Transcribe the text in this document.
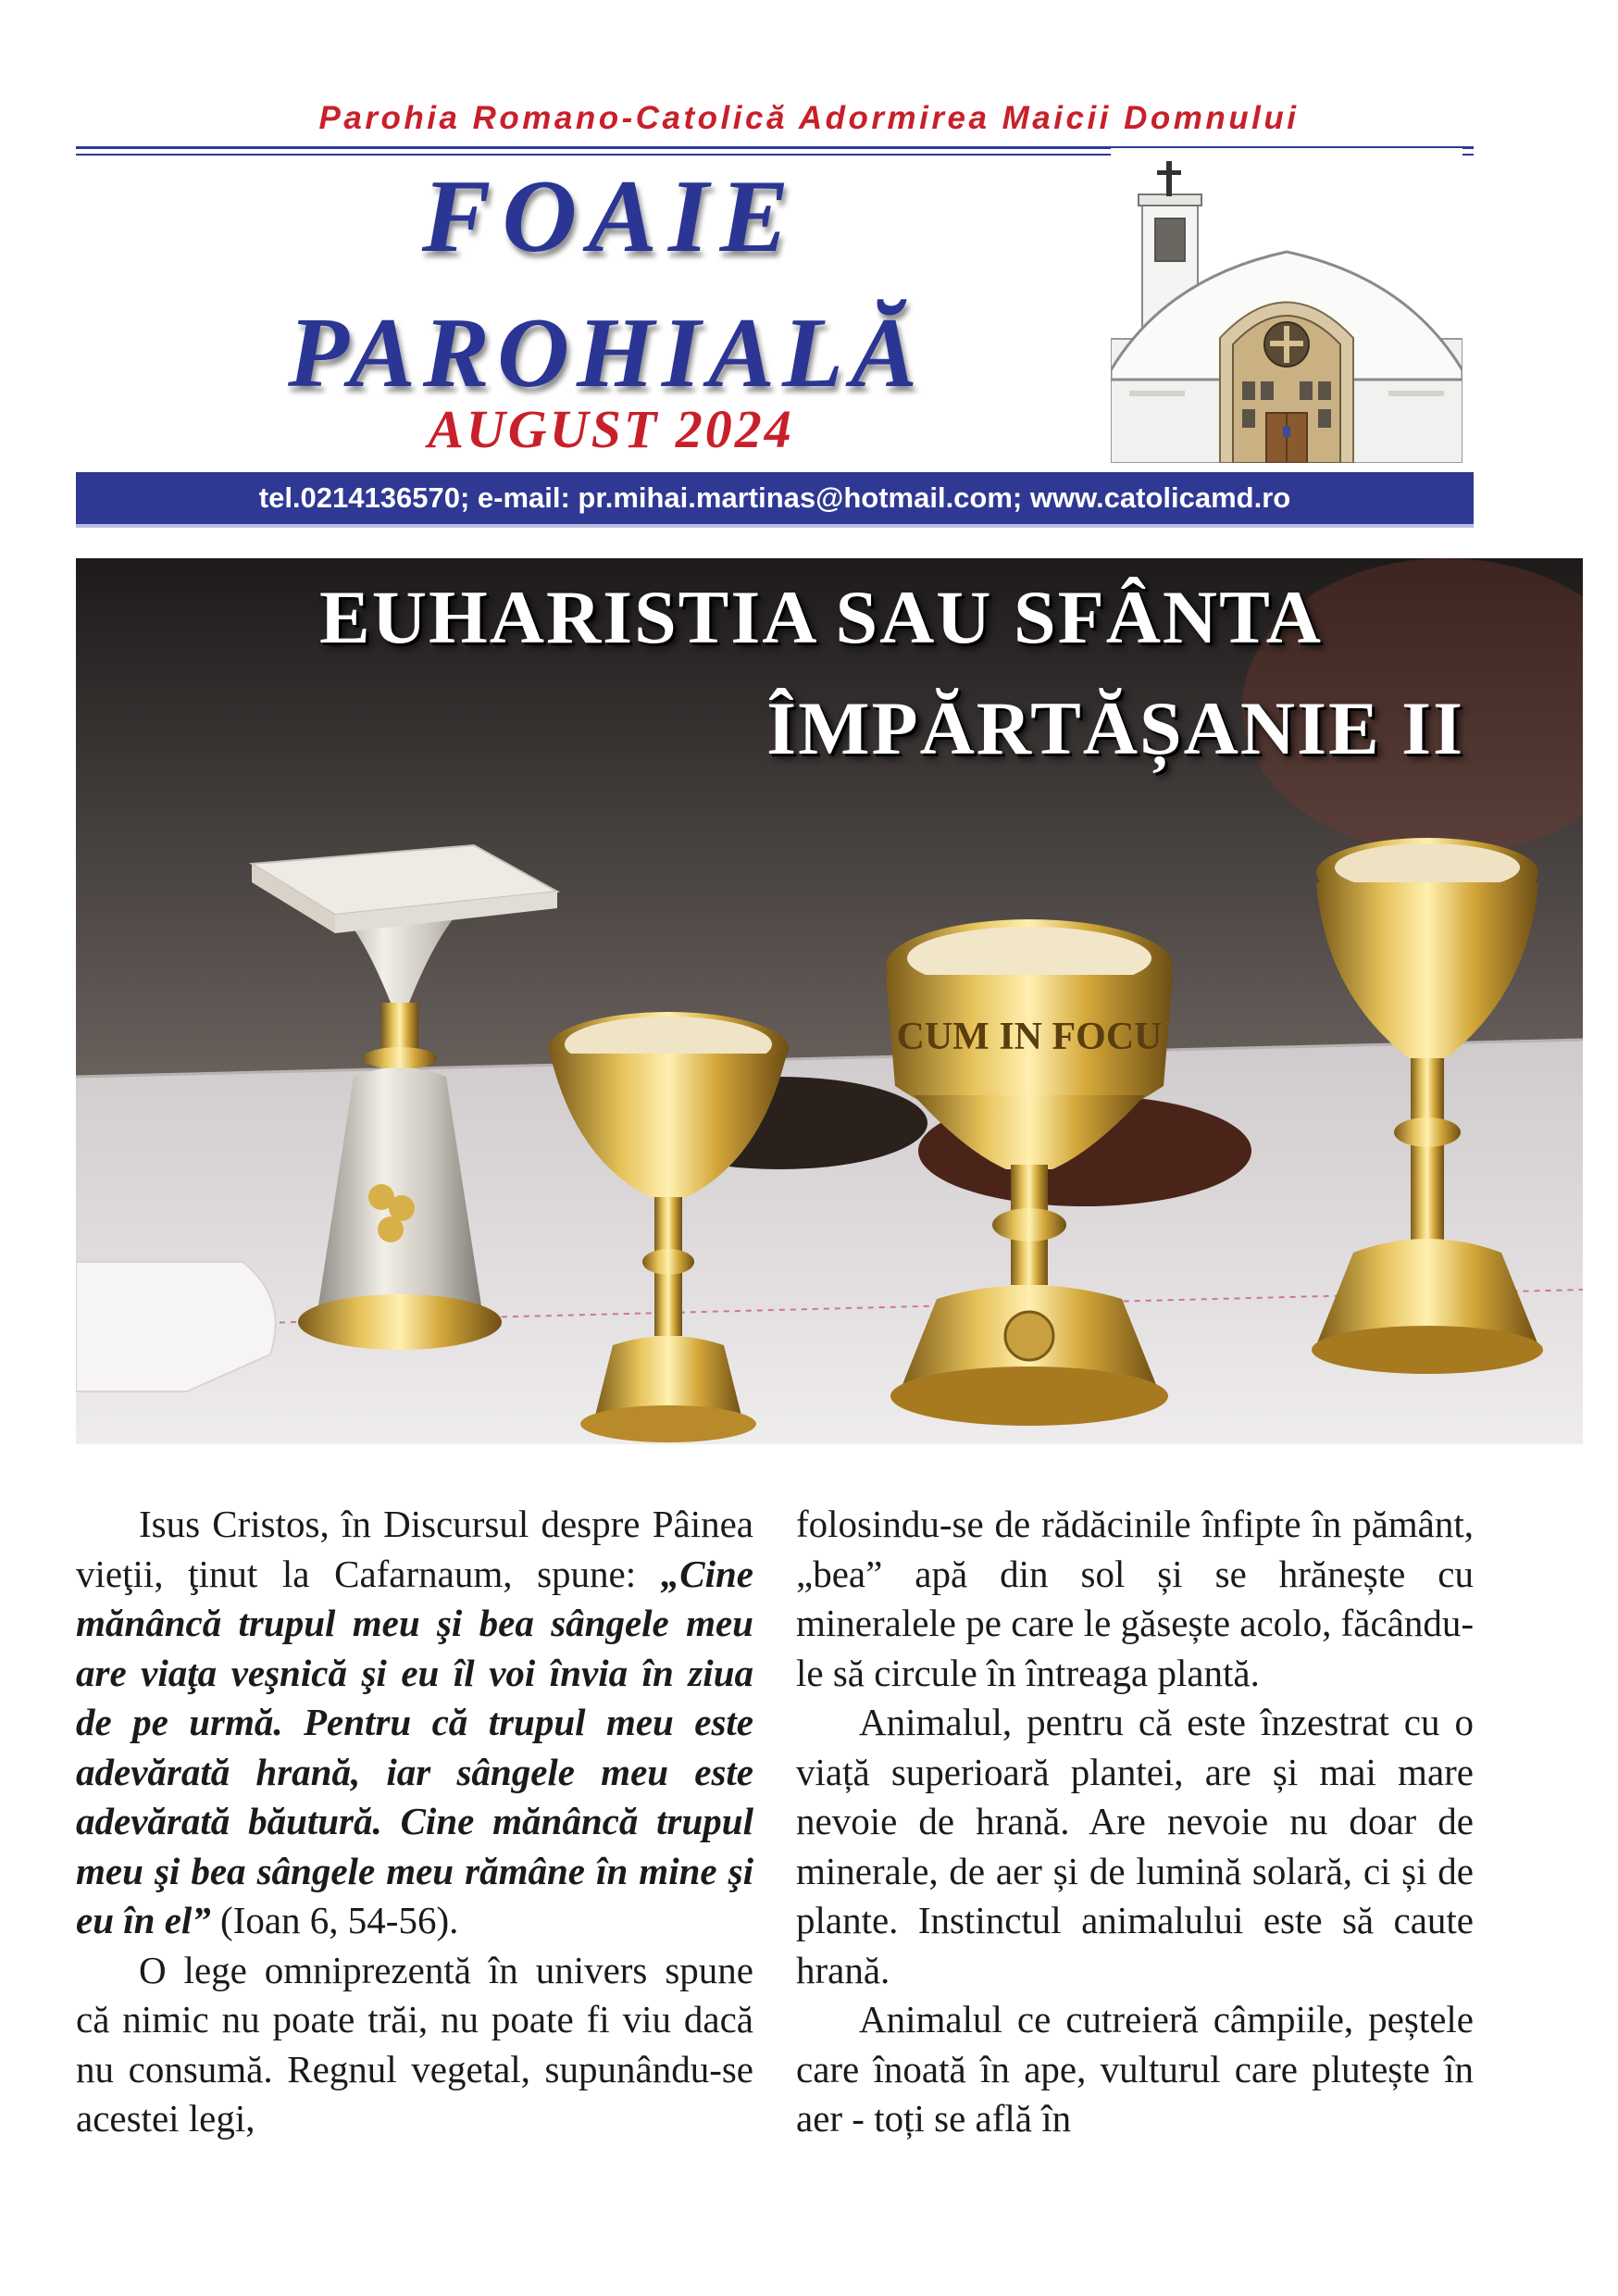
Parohia Romano-Catolică Adormirea Maicii Domnului
FOAIE
PAROHIALĂ
AUGUST 2024
tel.0214136570; e-mail: pr.mihai.martinas@hotmail.com; www.catolicamd.ro
CUM IN FOCU
EUHARISTIA SAU SFÂNTA
ÎMPĂRTĂȘANIE II

Isus Cristos, în Discursul despre Pâinea vieţii, ţinut la Cafarnaum, spune: „Cine mănâncă trupul meu şi bea sângele meu are viaţa veşnică şi eu îl voi învia în ziua de pe urmă. Pentru că trupul meu este adevărată hrană, iar sângele meu este adevărată băutură. Cine mănâncă trupul meu şi bea sângele meu rămâne în mine şi eu în el” (Ioan 6, 54-56).

O lege omniprezentă în univers spune că nimic nu poate trăi, nu poate fi viu dacă nu consumă. Regnul vegetal, supunându-se acestei legi,

folosindu-se de rădăcinile înfipte în pământ, „bea” apă din sol și se hrănește cu mineralele pe care le găsește acolo, făcându-le să circule în întreaga plantă.

Animalul, pentru că este înzestrat cu o viață superioară plantei, are și mai mare nevoie de hrană. Are nevoie nu doar de minerale, de aer și de lumină solară, ci și de plante. Instinctul animalului este să caute hrană.

Animalul ce cutreieră câmpiile, peștele care înoată în ape, vulturul care plutește în aer - toți se află în
